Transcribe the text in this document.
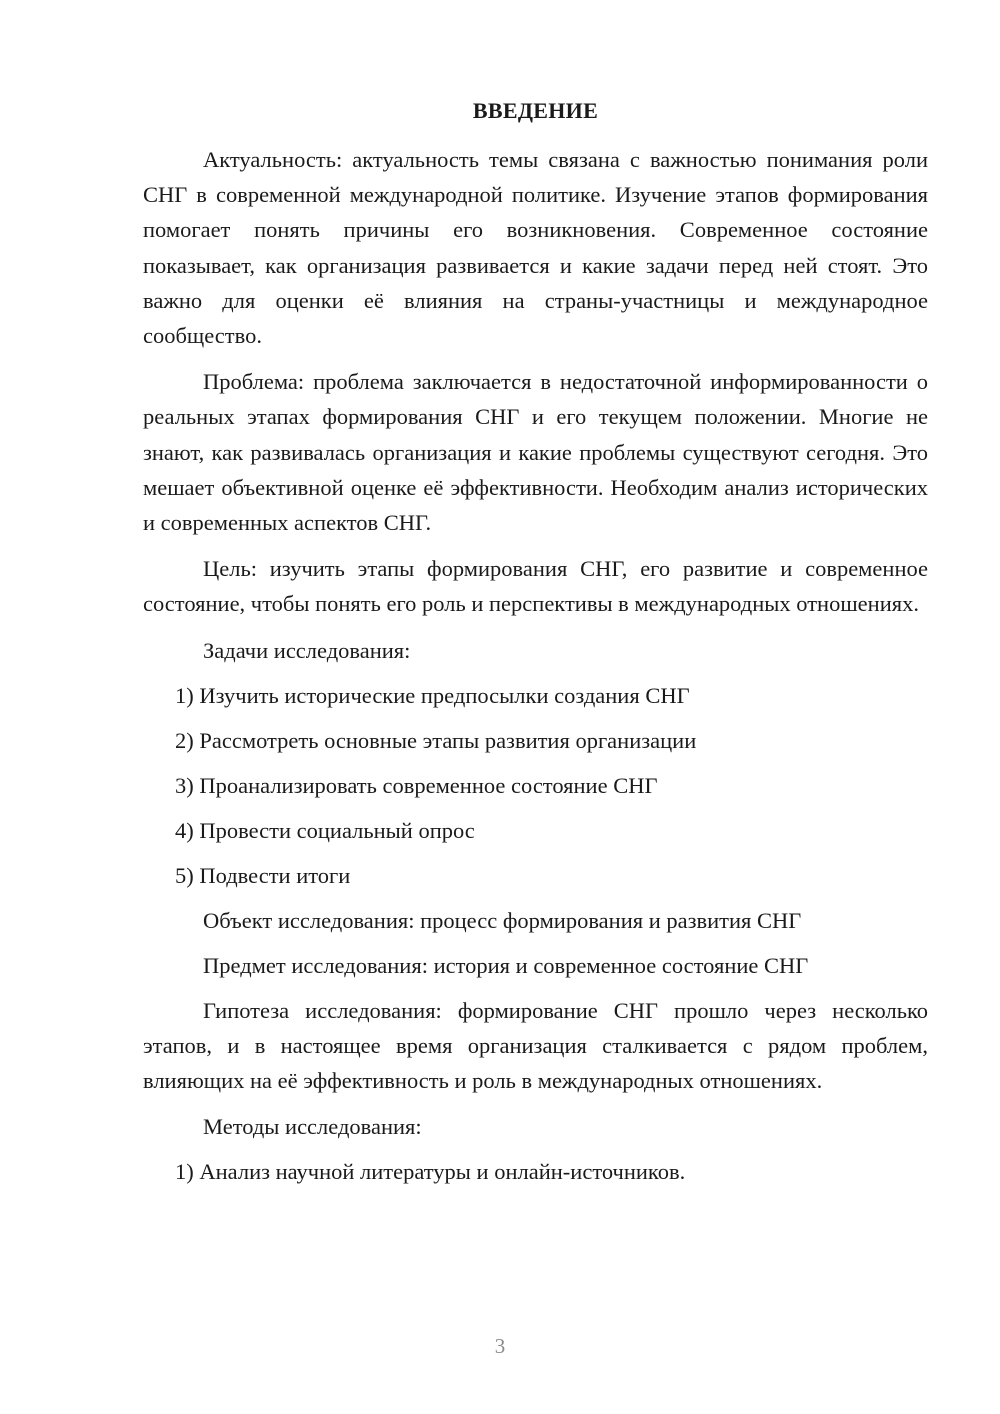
ВВЕДЕНИЕ
Актуальность: актуальность темы связана с важностью понимания роли СНГ в современной международной политике. Изучение этапов формирования помогает понять причины его возникновения. Современное состояние показывает, как организация развивается и какие задачи перед ней стоят. Это важно для оценки её влияния на страны-участницы и международное сообщество.
Проблема: проблема заключается в недостаточной информированности о реальных этапах формирования СНГ и его текущем положении. Многие не знают, как развивалась организация и какие проблемы существуют сегодня. Это мешает объективной оценке её эффективности. Необходим анализ исторических и современных аспектов СНГ.
Цель: изучить этапы формирования СНГ, его развитие и современное состояние, чтобы понять его роль и перспективы в международных отношениях.
Задачи исследования:
1) Изучить исторические предпосылки создания СНГ
2) Рассмотреть основные этапы развития организации
3) Проанализировать современное состояние СНГ
4) Провести социальный опрос
5) Подвести итоги
Объект исследования: процесс формирования и развития СНГ
Предмет исследования: история и современное состояние СНГ
Гипотеза исследования: формирование СНГ прошло через несколько этапов, и в настоящее время организация сталкивается с рядом проблем, влияющих на её эффективность и роль в международных отношениях.
Методы исследования:
1) Анализ научной литературы и онлайн-источников.
3
